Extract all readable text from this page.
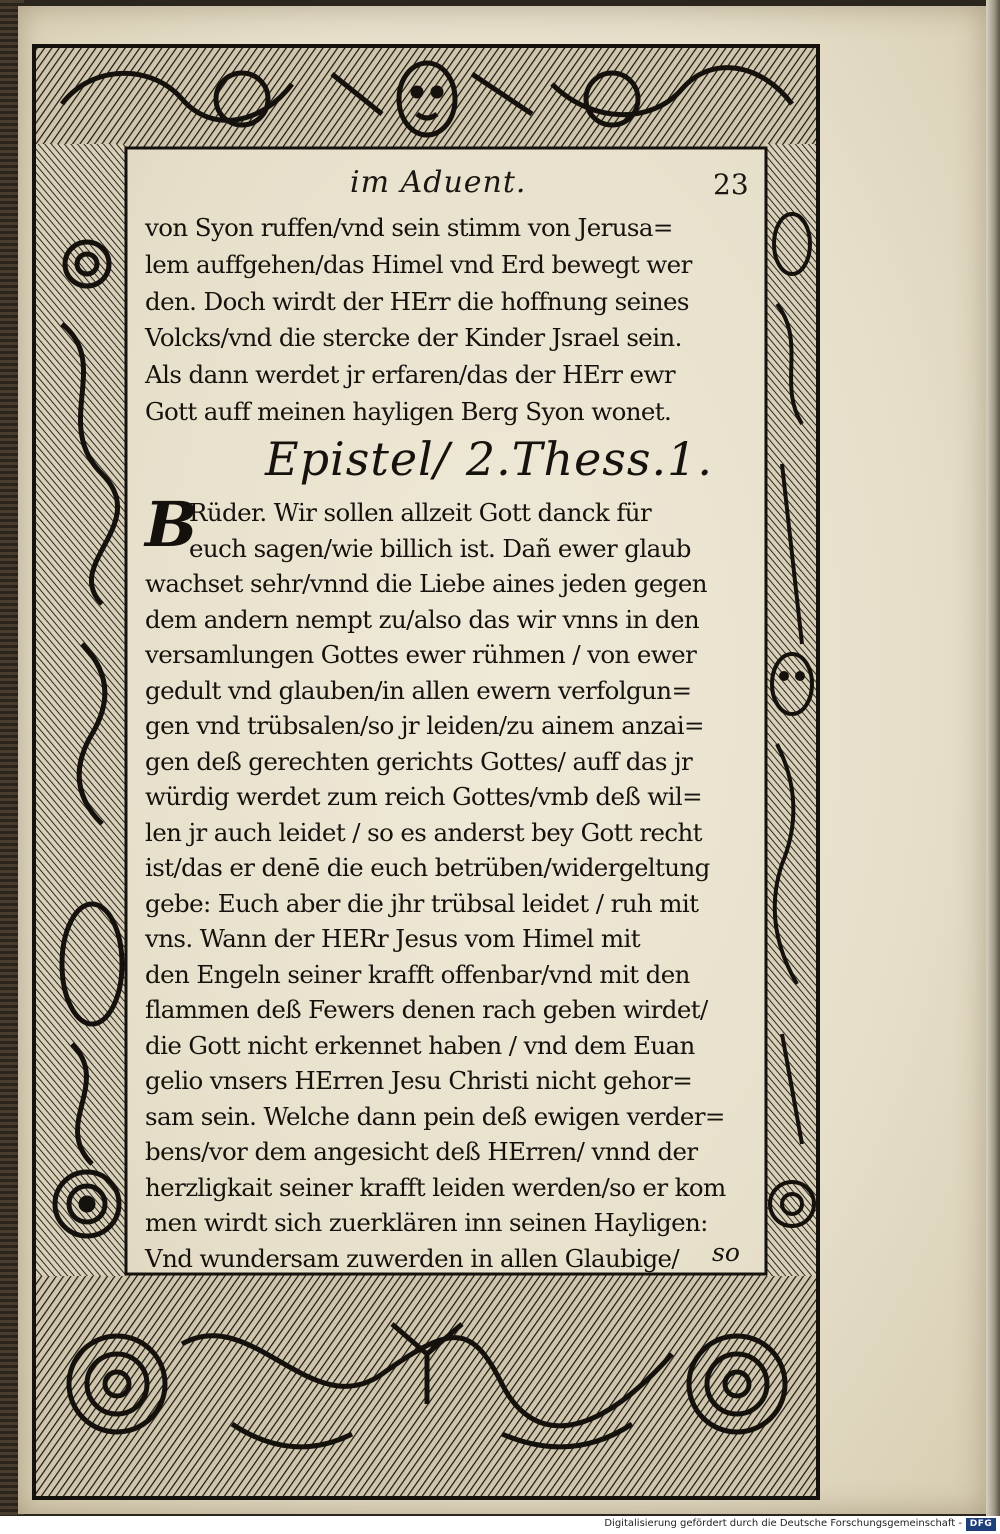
im Aduent.	23
von Syon ruffen/vnd sein stimm von Jerusa=
lem auffgehen/das Himel vnd Erd bewegt wer
den. Doch wirdt der HErr die hoffnung seines
Volcks/vnd die stercke der Kinder Jsrael sein.
Als dann werdet jr erfaren/das der HErr ewr
Gott auff meinen hayligen Berg Syon wonet.
Epistel/ 2.Thess.1.
B
Rüder. Wir sollen allzeit Gott danck für
euch sagen/wie billich ist. Dañ ewer glaub
wachset sehr/vnnd die Liebe aines jeden gegen
dem andern nempt zu/also das wir vnns in den
versamlungen Gottes ewer rühmen / von ewer
gedult vnd glauben/in allen ewern verfolgun=
gen vnd trübsalen/so jr leiden/zu ainem anzai=
gen deß gerechten gerichts Gottes/ auff das jr
würdig werdet zum reich Gottes/vmb deß wil=
len jr auch leidet / so es anderst bey Gott recht
ist/das er denē die euch betrüben/widergeltung
gebe: Euch aber die jhr trübsal leidet / ruh mit
vns. Wann der HERr Jesus vom Himel mit
den Engeln seiner krafft offenbar/vnd mit den
flammen deß Fewers denen rach geben wirdet/
die Gott nicht erkennet haben / vnd dem Euan
gelio vnsers HErren Jesu Christi nicht gehor=
sam sein. Welche dann pein deß ewigen verder=
bens/vor dem angesicht deß HErren/ vnnd der
herzligkait seiner krafft leiden werden/so er kom
men wirdt sich zuerklären inn seinen Hayligen:
Vnd wundersam zuwerden in allen Glaubige/	so
Digitalisierung gefördert durch die Deutsche Forschungsgemeinschaft - DFG
